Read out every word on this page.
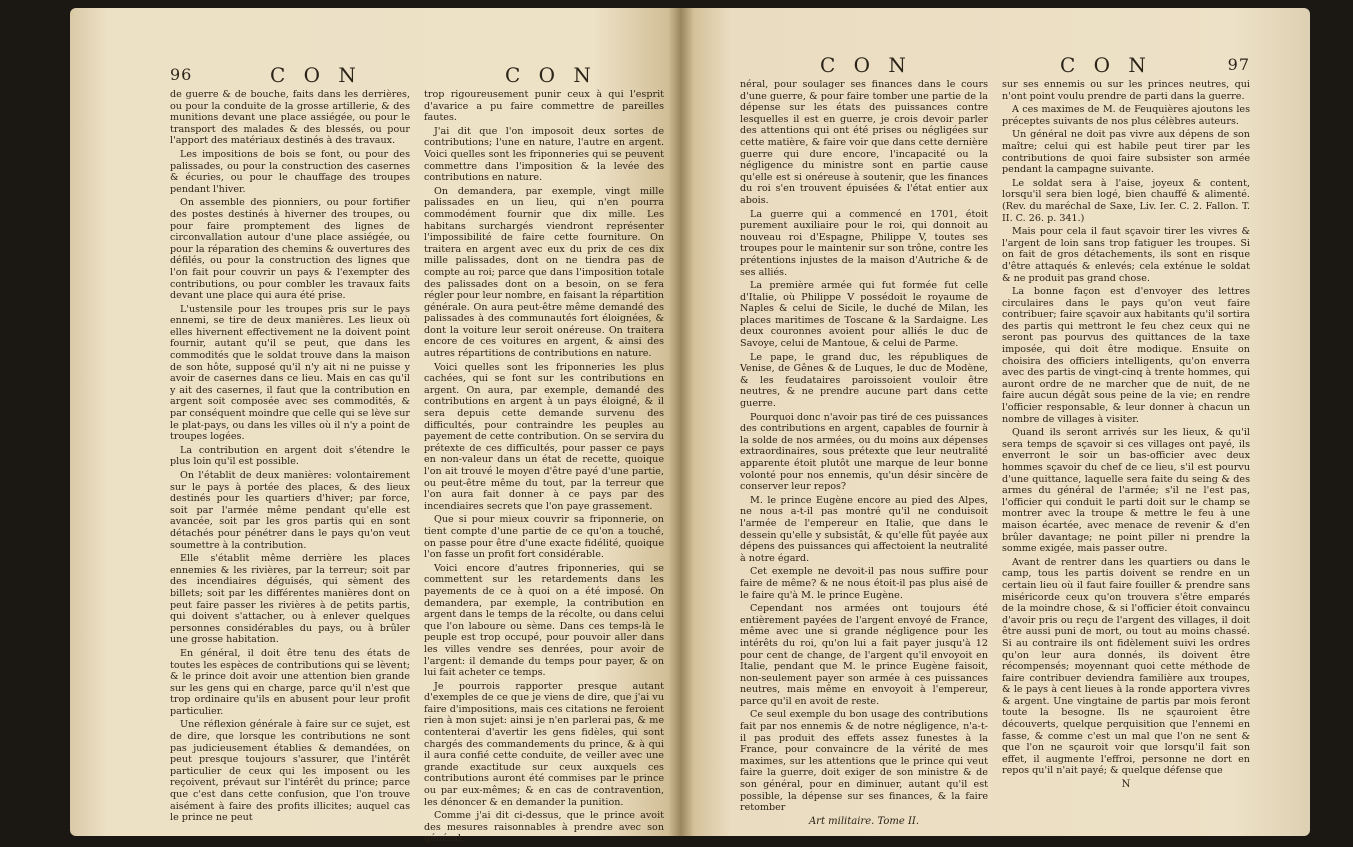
96	C O N	C O N

de guerre & de bouche, faits dans les derrières, ou pour la conduite de la grosse artillerie, & des munitions devant une place assiégée, ou pour le transport des malades & des blessés, ou pour l'apport des matériaux destinés à des travaux.

Les impositions de bois se font, ou pour des palissades, ou pour la construction des casernes & écuries, ou pour le chauffage des troupes pendant l'hiver.

On assemble des pionniers, ou pour fortifier des postes destinés à hiverner des troupes, ou pour faire promptement des lignes de circonvallation autour d'une place assiégée, ou pour la réparation des chemins & ouvertures des défilés, ou pour la construction des lignes que l'on fait pour couvrir un pays & l'exempter des contributions, ou pour combler les travaux faits devant une place qui aura été prise.

L'ustensile pour les troupes pris sur le pays ennemi, se tire de deux manières. Les lieux où elles hivernent effectivement ne la doivent point fournir, autant qu'il se peut, que dans les commodités que le soldat trouve dans la maison de son hôte, supposé qu'il n'y ait ni ne puisse y avoir de casernes dans ce lieu. Mais en cas qu'il y ait des casernes, il faut que la contribution en argent soit composée avec ses commodités, & par conséquent moindre que celle qui se lève sur le plat-pays, ou dans les villes où il n'y a point de troupes logées.

La contribution en argent doit s'étendre le plus loin qu'il est possible.

On l'établit de deux manières: volontairement sur le pays à portée des places, & des lieux destinés pour les quartiers d'hiver; par force, soit par l'armée même pendant qu'elle est avancée, soit par les gros partis qui en sont détachés pour pénétrer dans le pays qu'on veut soumettre à la contribution.

Elle s'établit même derrière les places ennemies & les rivières, par la terreur; soit par des incendiaires déguisés, qui sèment des billets; soit par les différentes manières dont on peut faire passer les rivières à de petits partis, qui doivent s'attacher, ou à enlever quelques personnes considérables du pays, ou à brûler une grosse habitation.

En général, il doit être tenu des états de toutes les espèces de contributions qui se lèvent; & le prince doit avoir une attention bien grande sur les gens qui en charge, parce qu'il n'est que trop ordinaire qu'ils en abusent pour leur profit particulier.

Une réflexion générale à faire sur ce sujet, est de dire, que lorsque les contributions ne sont pas judicieusement établies & demandées, on peut presque toujours s'assurer, que l'intérêt particulier de ceux qui les imposent ou les reçoivent, prévaut sur l'intérêt du prince; parce que c'est dans cette confusion, que l'on trouve aisément à faire des profits illicites; auquel cas le prince ne peut

trop rigoureusement punir ceux à qui l'esprit d'avarice a pu faire commettre de pareilles fautes.

J'ai dit que l'on imposoit deux sortes de contributions; l'une en nature, l'autre en argent. Voici quelles sont les friponneries qui se peuvent commettre dans l'imposition & la levée des contributions en nature.

On demandera, par exemple, vingt mille palissades en un lieu, qui n'en pourra commodément fournir que dix mille. Les habitans surchargés viendront représenter l'impossibilité de faire cette fourniture. On traitera en argent avec eux du prix de ces dix mille palissades, dont on ne tiendra pas de compte au roi; parce que dans l'imposition totale des palissades dont on a besoin, on se fera régler pour leur nombre, en faisant la répartition générale. On aura peut-être même demandé des palissades à des communautés fort éloignées, & dont la voiture leur seroit onéreuse. On traitera encore de ces voitures en argent, & ainsi des autres répartitions de contributions en nature.

Voici quelles sont les friponneries les plus cachées, qui se font sur les contributions en argent. On aura, par exemple, demandé des contributions en argent à un pays éloigné, & il sera depuis cette demande survenu des difficultés, pour contraindre les peuples au payement de cette contribution. On se servira du prétexte de ces difficultés, pour passer ce pays en non-valeur dans un état de recette, quoique l'on ait trouvé le moyen d'être payé d'une partie, ou peut-être même du tout, par la terreur que l'on aura fait donner à ce pays par des incendiaires secrets que l'on paye grassement.

Que si pour mieux couvrir sa friponnerie, on tient compte d'une partie de ce qu'on a touché, on passe pour être d'une exacte fidélité, quoique l'on fasse un profit fort considérable.

Voici encore d'autres friponneries, qui se commettent sur les retardements dans les payements de ce à quoi on a été imposé. On demandera, par exemple, la contribution en argent dans le temps de la récolte, ou dans celui que l'on laboure ou sème. Dans ces temps-là le peuple est trop occupé, pour pouvoir aller dans les villes vendre ses denrées, pour avoir de l'argent: il demande du temps pour payer, & on lui fait acheter ce temps.

Je pourrois rapporter presque autant d'exemples de ce que je viens de dire, que j'ai vu faire d'impositions, mais ces citations ne feroient rien à mon sujet: ainsi je n'en parlerai pas, & me contenterai d'avertir les gens fidèles, qui sont chargés des commandements du prince, & à qui il aura confié cette conduite, de veiller avec une grande exactitude sur ceux auxquels ces contributions auront été commises par le prince ou par eux-mêmes; & en cas de contravention, les dénoncer & en demander la punition.

Comme j'ai dit ci-dessus, que le prince avoit des mesures raisonnables à prendre avec son général,

C O N	C O N	97

néral, pour soulager ses finances dans le cours d'une guerre, & pour faire tomber une partie de la dépense sur les états des puissances contre lesquelles il est en guerre, je crois devoir parler des attentions qui ont été prises ou négligées sur cette matière, & faire voir que dans cette dernière guerre qui dure encore, l'incapacité ou la négligence du ministre sont en partie cause qu'elle est si onéreuse à soutenir, que les finances du roi s'en trouvent épuisées & l'état entier aux abois.

La guerre qui a commencé en 1701, étoit purement auxiliaire pour le roi, qui donnoit au nouveau roi d'Espagne, Philippe V, toutes ses troupes pour le maintenir sur son trône, contre les prétentions injustes de la maison d'Autriche & de ses alliés.

La première armée qui fut formée fut celle d'Italie, où Philippe V possédoit le royaume de Naples & celui de Sicile, le duché de Milan, les places maritimes de Toscane & la Sardaigne. Les deux couronnes avoient pour alliés le duc de Savoye, celui de Mantoue, & celui de Parme.

Le pape, le grand duc, les républiques de Venise, de Gênes & de Luques, le duc de Modène, & les feudataires paroissoient vouloir être neutres, & ne prendre aucune part dans cette guerre.

Pourquoi donc n'avoir pas tiré de ces puissances des contributions en argent, capables de fournir à la solde de nos armées, ou du moins aux dépenses extraordinaires, sous prétexte que leur neutralité apparente étoit plutôt une marque de leur bonne volonté pour nos ennemis, qu'un désir sincère de conserver leur repos?

M. le prince Eugène encore au pied des Alpes, ne nous a-t-il pas montré qu'il ne conduisoit l'armée de l'empereur en Italie, que dans le dessein qu'elle y subsistât, & qu'elle fût payée aux dépens des puissances qui affectoient la neutralité à notre égard.

Cet exemple ne devoit-il pas nous suffire pour faire de même? & ne nous étoit-il pas plus aisé de le faire qu'à M. le prince Eugène.

Cependant nos armées ont toujours été entièrement payées de l'argent envoyé de France, même avec une si grande négligence pour les intérêts du roi, qu'on lui a fait payer jusqu'à 12 pour cent de change, de l'argent qu'il envoyoit en Italie, pendant que M. le prince Eugène faisoit, non-seulement payer son armée à ces puissances neutres, mais même en envoyoit à l'empereur, parce qu'il en avoit de reste.

Ce seul exemple du bon usage des contributions fait par nos ennemis & de notre négligence, n'a-t-il pas produit des effets assez funestes à la France, pour convaincre de la vérité de mes maximes, sur les attentions que le prince qui veut faire la guerre, doit exiger de son ministre & de son général, pour en diminuer, autant qu'il est possible, la dépense sur ses finances, & la faire retomber

Art militaire. Tome II.

sur ses ennemis ou sur les princes neutres, qui n'ont point voulu prendre de parti dans la guerre.

A ces maximes de M. de Feuquières ajoutons les préceptes suivants de nos plus célèbres auteurs.

Un général ne doit pas vivre aux dépens de son maître; celui qui est habile peut tirer par les contributions de quoi faire subsister son armée pendant la campagne suivante.

Le soldat sera à l'aise, joyeux & content, lorsqu'il sera bien logé, bien chauffé & alimenté. (Rev. du maréchal de Saxe, Liv. Ier. C. 2. Fallon. T. II. C. 26. p. 341.)

Mais pour cela il faut sçavoir tirer les vivres & l'argent de loin sans trop fatiguer les troupes. Si on fait de gros détachements, ils sont en risque d'être attaqués & enlevés; cela exténue le soldat & ne produit pas grand chose.

La bonne façon est d'envoyer des lettres circulaires dans le pays qu'on veut faire contribuer; faire sçavoir aux habitants qu'il sortira des partis qui mettront le feu chez ceux qui ne seront pas pourvus des quittances de la taxe imposée, qui doit être modique. Ensuite on choisira des officiers intelligents, qu'on enverra avec des partis de vingt-cinq à trente hommes, qui auront ordre de ne marcher que de nuit, de ne faire aucun dégât sous peine de la vie; en rendre l'officier responsable, & leur donner à chacun un nombre de villages à visiter.

Quand ils seront arrivés sur les lieux, & qu'il sera temps de sçavoir si ces villages ont payé, ils enverront le soir un bas-officier avec deux hommes sçavoir du chef de ce lieu, s'il est pourvu d'une quittance, laquelle sera faite du seing & des armes du général de l'armée; s'il ne l'est pas, l'officier qui conduit le parti doit sur le champ se montrer avec la troupe & mettre le feu à une maison écartée, avec menace de revenir & d'en brûler davantage; ne point piller ni prendre la somme exigée, mais passer outre.

Avant de rentrer dans les quartiers ou dans le camp, tous les partis doivent se rendre en un certain lieu où il faut faire fouiller & prendre sans miséricorde ceux qu'on trouvera s'être emparés de la moindre chose, & si l'officier étoit convaincu d'avoir pris ou reçu de l'argent des villages, il doit être aussi puni de mort, ou tout au moins chassé. Si au contraire ils ont fidèlement suivi les ordres qu'on leur aura donnés, ils doivent être récompensés; moyennant quoi cette méthode de faire contribuer deviendra familière aux troupes, & le pays à cent lieues à la ronde apportera vivres & argent. Une vingtaine de partis par mois feront toute la besogne. Ils ne sçauroient être découverts, quelque perquisition que l'ennemi en fasse, & comme c'est un mal que l'on ne sent & que l'on ne sçauroit voir que lorsqu'il fait son effet, il augmente l'effroi, personne ne dort en repos qu'il n'ait payé; & quelque défense que

N
